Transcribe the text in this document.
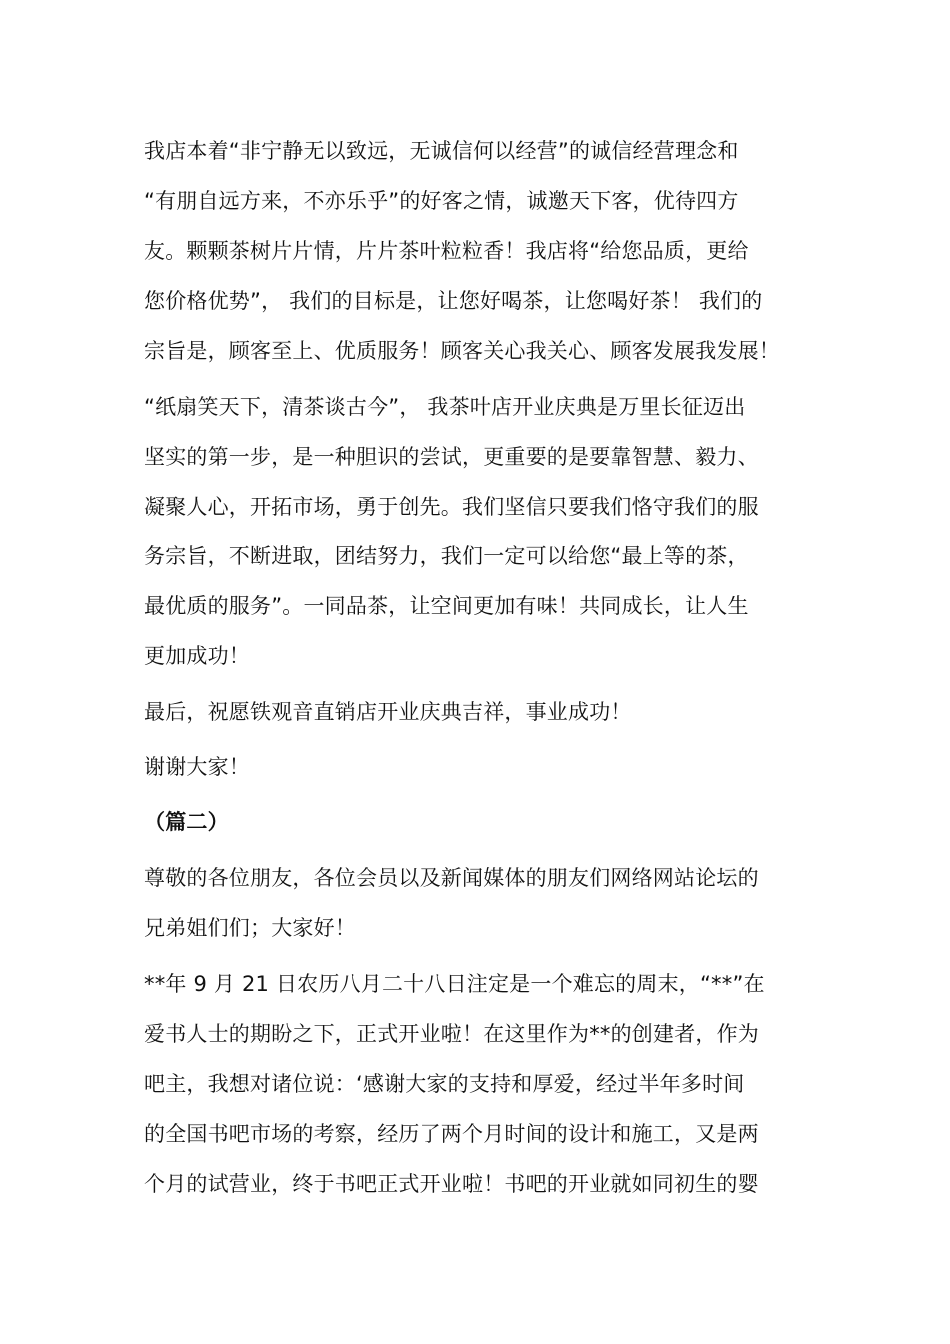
我店本着“非宁静无以致远，无诚信何以经营”的诚信经营理念和
“有朋自远方来，不亦乐乎”的好客之情，诚邀天下客，优待四方
友。颗颗茶树片片情，片片茶叶粒粒香！我店将“给您品质，更给
您价格优势”， 我们的目标是，让您好喝茶，让您喝好茶！ 我们的
宗旨是，顾客至上、优质服务！顾客关心我关心、顾客发展我发展！
“纸扇笑天下，清茶谈古今”， 我茶叶店开业庆典是万里长征迈出
坚实的第一步，是一种胆识的尝试，更重要的是要靠智慧、毅力、
凝聚人心，开拓市场，勇于创先。我们坚信只要我们恪守我们的服
务宗旨，不断进取，团结努力，我们一定可以给您“最上等的茶，
最优质的服务”。一同品茶，让空间更加有味！共同成长，让人生
更加成功！
最后，祝愿铁观音直销店开业庆典吉祥，事业成功！
谢谢大家！
（篇二）
尊敬的各位朋友，各位会员以及新闻媒体的朋友们网络网站论坛的
兄弟姐们们；大家好！
**年 9 月 21 日农历八月二十八日注定是一个难忘的周末，“**”在
爱书人士的期盼之下，正式开业啦！在这里作为**的创建者，作为
吧主，我想对诸位说：‘感谢大家的支持和厚爱，经过半年多时间
的全国书吧市场的考察，经历了两个月时间的设计和施工，又是两
个月的试营业，终于书吧正式开业啦！书吧的开业就如同初生的婴
